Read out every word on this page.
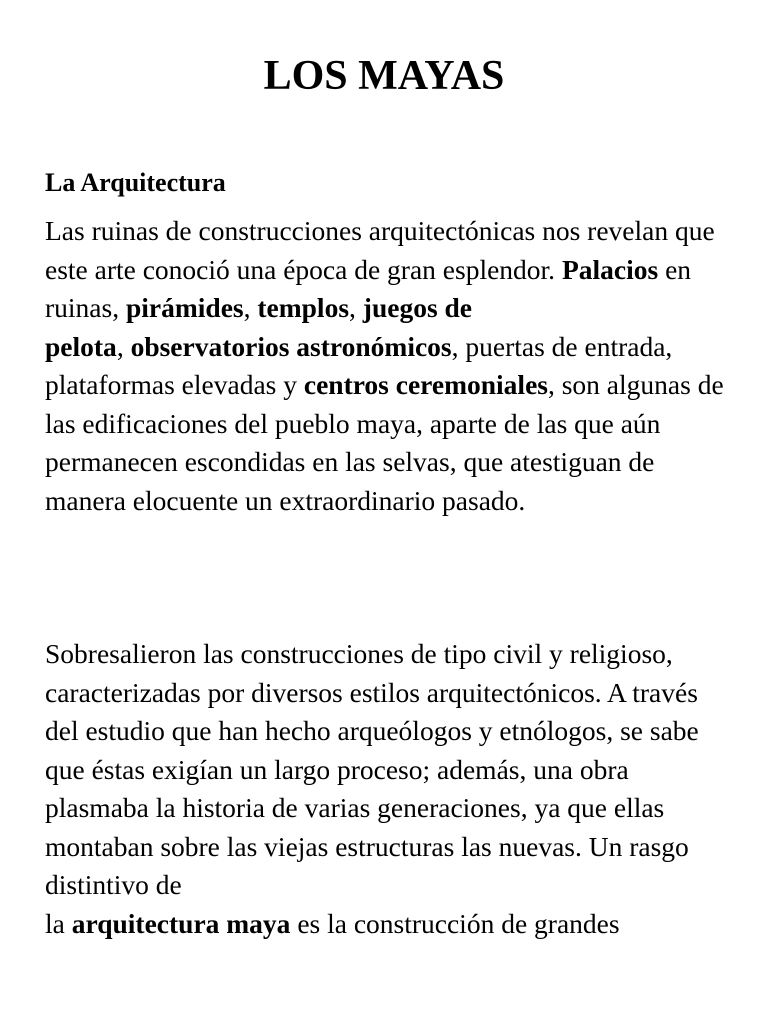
LOS MAYAS
La Arquitectura

Las ruinas de construcciones arquitectónicas nos revelan que este arte conoció una época de gran esplendor. Palacios en
ruinas, pirámides, templos, juegos de
pelota, observatorios astronómicos, puertas de entrada, plataformas elevadas y centros ceremoniales, son algunas de las edificaciones del pueblo maya, aparte de las que aún permanecen escondidas en las selvas, que atestiguan de manera elocuente un extraordinario pasado.

Sobresalieron las construcciones de tipo civil y religioso, caracterizadas por diversos estilos arquitectónicos. A través del estudio que han hecho arqueólogos y etnólogos, se sabe que éstas exigían un largo proceso; además, una obra plasmaba la historia de varias generaciones, ya que ellas montaban sobre las viejas estructuras las nuevas. Un rasgo distintivo de
la arquitectura maya es la construcción de grandes
